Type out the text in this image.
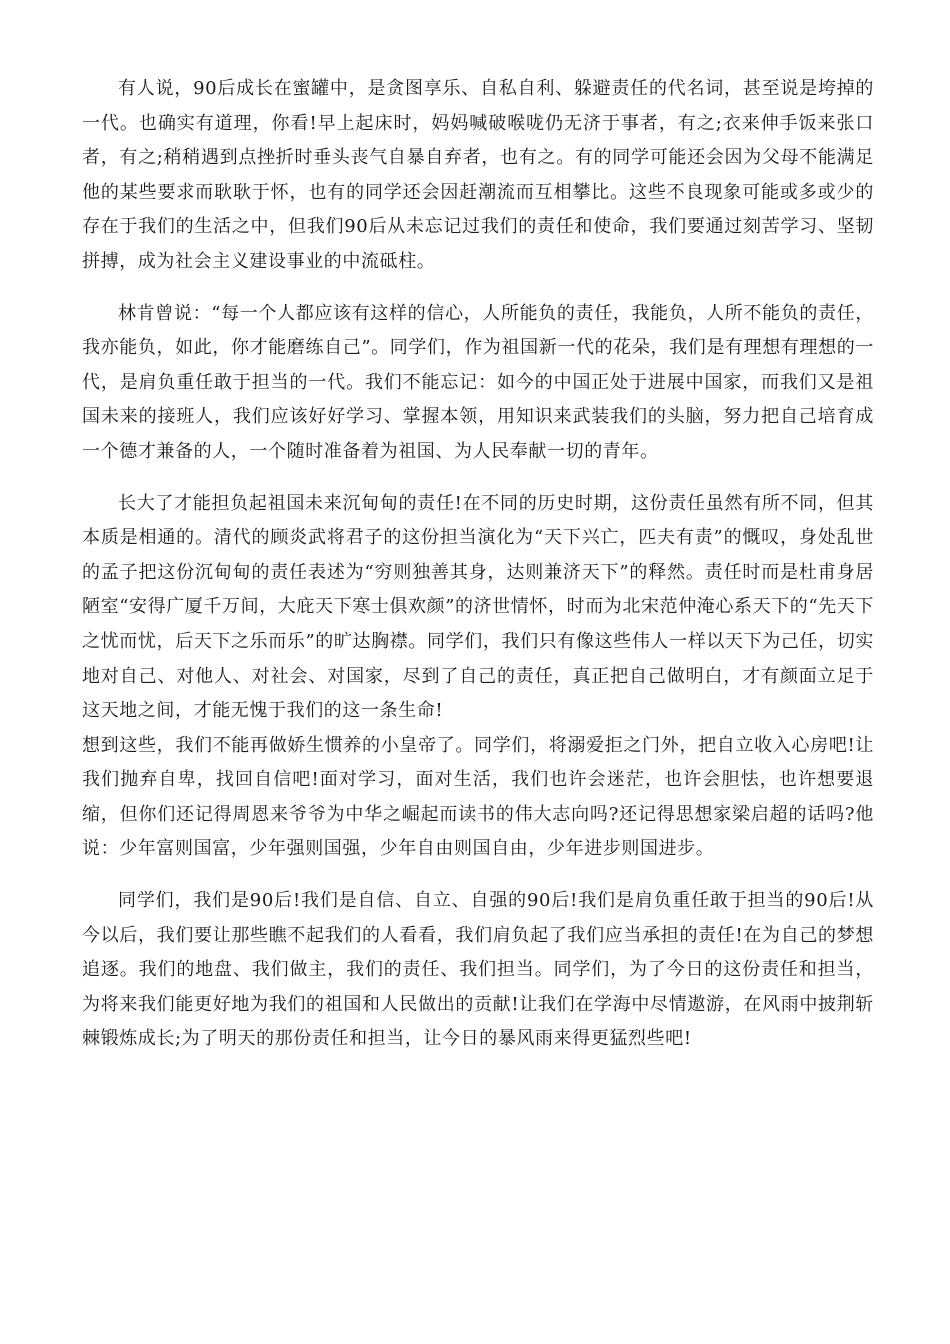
有人说，90后成长在蜜罐中，是贪图享乐、自私自利、躲避责任的代名词，甚至说是垮掉的一代。也确实有道理，你看!早上起床时，妈妈喊破喉咙仍无济于事者，有之;衣来伸手饭来张口者，有之;稍稍遇到点挫折时垂头丧气自暴自弃者，也有之。有的同学可能还会因为父母不能满足他的某些要求而耿耿于怀，也有的同学还会因赶潮流而互相攀比。这些不良现象可能或多或少的存在于我们的生活之中，但我们90后从未忘记过我们的责任和使命，我们要通过刻苦学习、坚韧拼搏，成为社会主义建设事业的中流砥柱。

林肯曾说：“每一个人都应该有这样的信心，人所能负的责任，我能负，人所不能负的责任，我亦能负，如此，你才能磨练自己”。同学们，作为祖国新一代的花朵，我们是有理想有理想的一代，是肩负重任敢于担当的一代。我们不能忘记：如今的中国正处于进展中国家，而我们又是祖国未来的接班人，我们应该好好学习、掌握本领，用知识来武装我们的头脑，努力把自己培育成一个德才兼备的人，一个随时准备着为祖国、为人民奉献一切的青年。

长大了才能担负起祖国未来沉甸甸的责任!在不同的历史时期，这份责任虽然有所不同，但其本质是相通的。清代的顾炎武将君子的这份担当演化为“天下兴亡，匹夫有责”的慨叹，身处乱世的孟子把这份沉甸甸的责任表述为“穷则独善其身，达则兼济天下”的释然。责任时而是杜甫身居陋室“安得广厦千万间，大庇天下寒士俱欢颜”的济世情怀，时而为北宋范仲淹心系天下的“先天下之忧而忧，后天下之乐而乐”的旷达胸襟。同学们，我们只有像这些伟人一样以天下为己任，切实地对自己、对他人、对社会、对国家，尽到了自己的责任，真正把自己做明白，才有颜面立足于这天地之间，才能无愧于我们的这一条生命!

想到这些，我们不能再做娇生惯养的小皇帝了。同学们，将溺爱拒之门外，把自立收入心房吧!让我们抛弃自卑，找回自信吧!面对学习，面对生活，我们也许会迷茫，也许会胆怯，也许想要退缩，但你们还记得周恩来爷爷为中华之崛起而读书的伟大志向吗?还记得思想家梁启超的话吗?他说：少年富则国富，少年强则国强，少年自由则国自由，少年进步则国进步。

同学们，我们是90后!我们是自信、自立、自强的90后!我们是肩负重任敢于担当的90后!从今以后，我们要让那些瞧不起我们的人看看，我们肩负起了我们应当承担的责任!在为自己的梦想追逐。我们的地盘、我们做主，我们的责任、我们担当。同学们，为了今日的这份责任和担当，为将来我们能更好地为我们的祖国和人民做出的贡献!让我们在学海中尽情遨游，在风雨中披荆斩棘锻炼成长;为了明天的那份责任和担当，让今日的暴风雨来得更猛烈些吧!
